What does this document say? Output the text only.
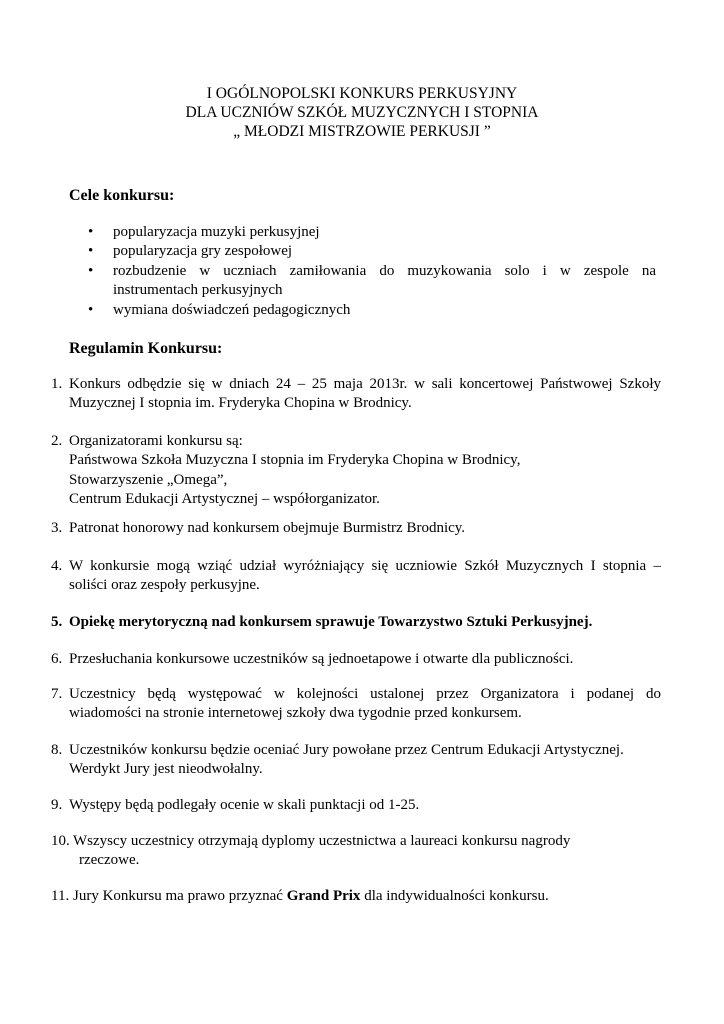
I OGÓLNOPOLSKI KONKURS PERKUSYJNY
DLA UCZNIÓW SZKÓŁ MUZYCZNYCH I STOPNIA
„ MŁODZI MISTRZOWIE PERKUSJI ”
Cele konkursu:
•	popularyzacja muzyki perkusyjnej
•	popularyzacja gry zespołowej
•	rozbudzenie w uczniach zamiłowania do muzykowania solo i w zespole na
instrumentach perkusyjnych
•	wymiana doświadczeń pedagogicznych
Regulamin Konkursu:
1. Konkurs odbędzie się w dniach 24 – 25 maja 2013r. w sali koncertowej Państwowej Szkoły
Muzycznej I stopnia im. Fryderyka Chopina w Brodnicy.
2. Organizatorami konkursu są:
Państwowa Szkoła Muzyczna I stopnia im Fryderyka Chopina w Brodnicy,
Stowarzyszenie „Omega”,
Centrum Edukacji Artystycznej – współorganizator.
3. Patronat honorowy nad konkursem obejmuje Burmistrz Brodnicy.
4. W konkursie mogą wziąć udział wyróżniający się uczniowie Szkół Muzycznych I stopnia –
soliści oraz zespoły perkusyjne.
5. Opiekę merytoryczną nad konkursem sprawuje Towarzystwo Sztuki Perkusyjnej.
6. Przesłuchania konkursowe uczestników są jednoetapowe i otwarte dla publiczności.
7. Uczestnicy będą występować w kolejności ustalonej przez Organizatora i podanej do
wiadomości na stronie internetowej szkoły dwa tygodnie przed konkursem.
8. Uczestników konkursu będzie oceniać Jury powołane przez Centrum Edukacji Artystycznej.
Werdykt Jury jest nieodwołalny.
9. Występy będą podlegały ocenie w skali punktacji od 1-25.
10. Wszyscy uczestnicy otrzymają dyplomy uczestnictwa a laureaci konkursu nagrody
rzeczowe.
11. Jury Konkursu ma prawo przyznać Grand Prix dla indywidualności konkursu.
